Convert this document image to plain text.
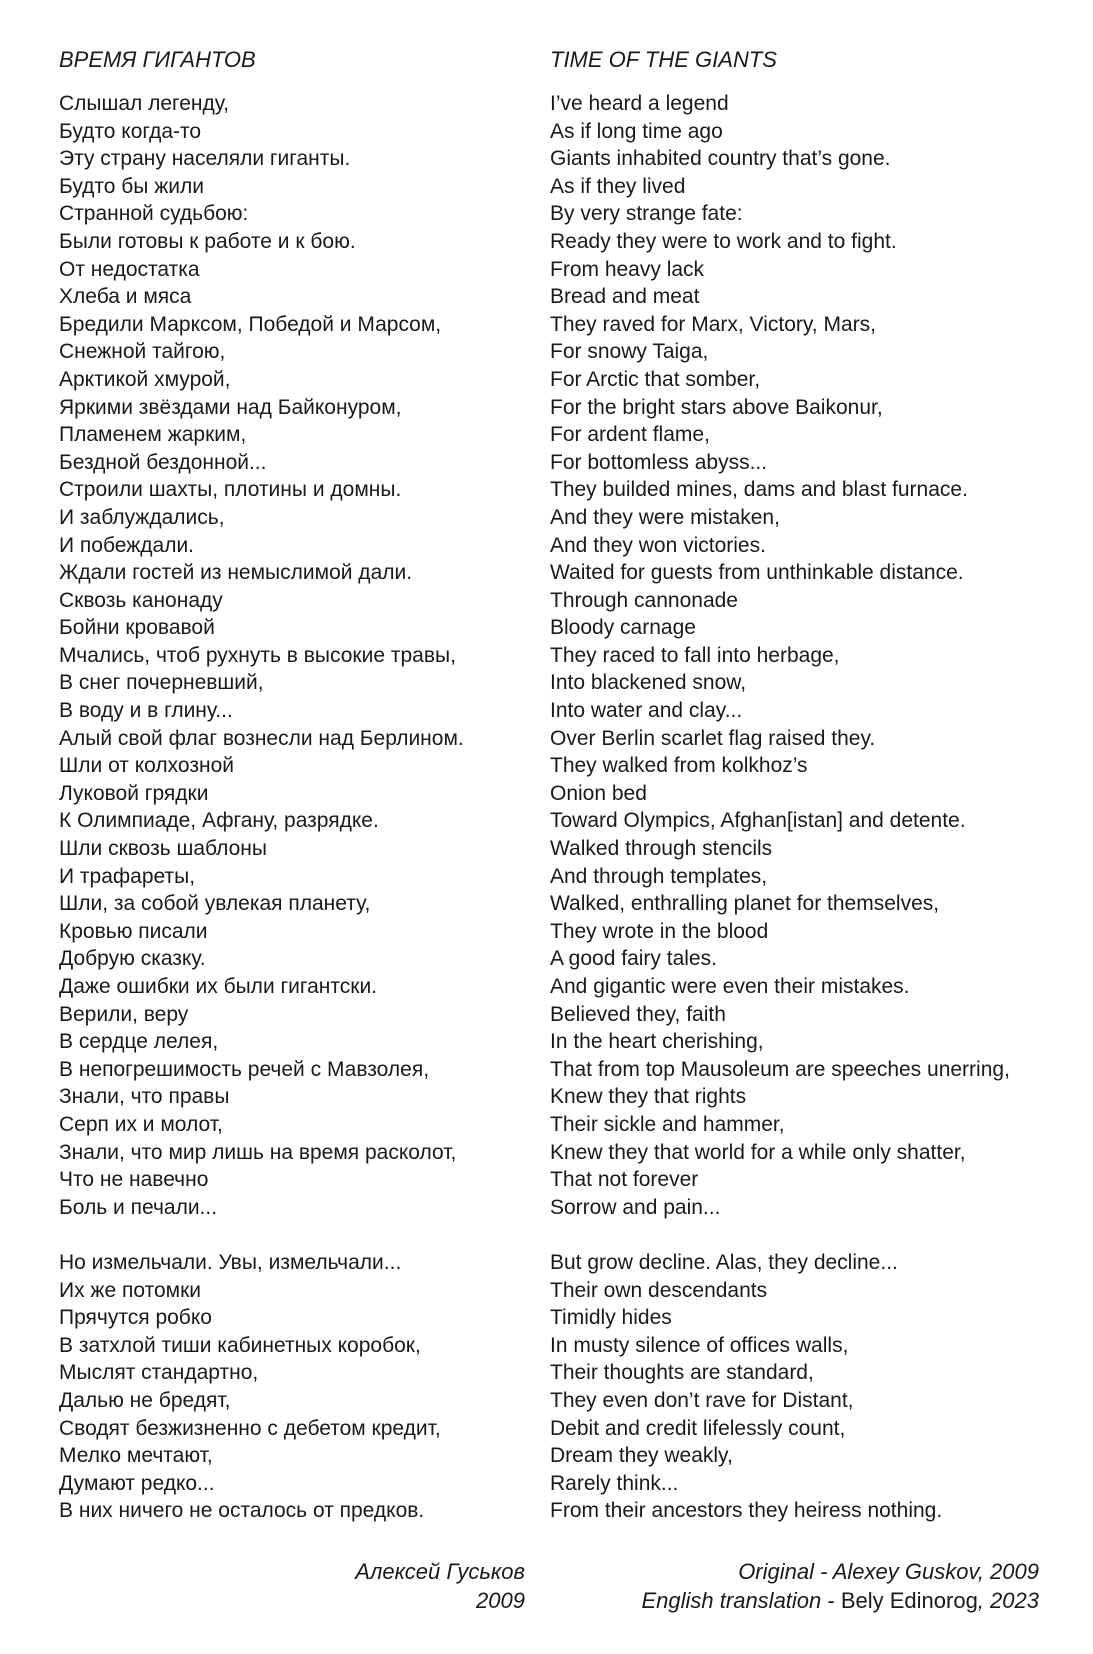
ВРЕМЯ ГИГАНТОВ
Слышал легенду,
Будто когда-то
Эту страну населяли гиганты.
Будто бы жили
Странной судьбою:
Были готовы к работе и к бою.
От недостатка
Хлеба и мяса
Бредили Марксом, Победой и Марсом,
Снежной тайгою,
Арктикой хмурой,
Яркими звёздами над Байконуром,
Пламенем жарким,
Бездной бездонной...
Строили шахты, плотины и домны.
И заблуждались,
И побеждали.
Ждали гостей из немыслимой дали.
Сквозь канонаду
Бойни кровавой
Мчались, чтоб рухнуть в высокие травы,
В снег почерневший,
В воду и в глину...
Алый свой флаг вознесли над Берлином.
Шли от колхозной
Луковой грядки
К Олимпиаде, Афгану, разрядке.
Шли сквозь шаблоны
И трафареты,
Шли, за собой увлекая планету,
Кровью писали
Добрую сказку.
Даже ошибки их были гигантски.
Верили, веру
В сердце лелея,
В непогрешимость речей с Мавзолея,
Знали, что правы
Серп их и молот,
Знали, что мир лишь на время расколот,
Что не навечно
Боль и печали...
Но измельчали. Увы, измельчали...
Их же потомки
Прячутся робко
В затхлой тиши кабинетных коробок,
Мыслят стандартно,
Далью не бредят,
Сводят безжизненно с дебетом кредит,
Мелко мечтают,
Думают редко...
В них ничего не осталось от предков.
TIME OF THE GIANTS
I’ve heard a legend
As if long time ago
Giants inhabited country that’s gone.
As if they lived
By very strange fate:
Ready they were to work and to fight.
From heavy lack
Bread and meat
They raved for Marx, Victory, Mars,
For snowy Taiga,
For Arctic that somber,
For the bright stars above Baikonur,
For ardent flame,
For bottomless abyss...
They builded mines, dams and blast furnace.
And they were mistaken,
And they won victories.
Waited for guests from unthinkable distance.
Through cannonade
Bloody carnage
They raced to fall into herbage,
Into blackened snow,
Into water and clay...
Over Berlin scarlet flag raised they.
They walked from kolkhoz’s
Onion bed
Toward Olympics, Afghan[istan] and detente.
Walked through stencils
And through templates,
Walked, enthralling planet for themselves,
They wrote in the blood
A good fairy tales.
And gigantic were even their mistakes.
Believed they, faith
In the heart cherishing,
That from top Mausoleum are speeches unerring,
Knew they that rights
Their sickle and hammer,
Knew they that world for a while only shatter,
That not forever
Sorrow and pain...
But grow decline. Alas, they decline...
Their own descendants
Timidly hides
In musty silence of offices walls,
Their thoughts are standard,
They even don’t rave for Distant,
Debit and credit lifelessly count,
Dream they weakly,
Rarely think...
From their ancestors they heiress nothing.
Алексей Гуськов
2009
Original - Alexey Guskov, 2009
English translation - Bely Edinorog, 2023
